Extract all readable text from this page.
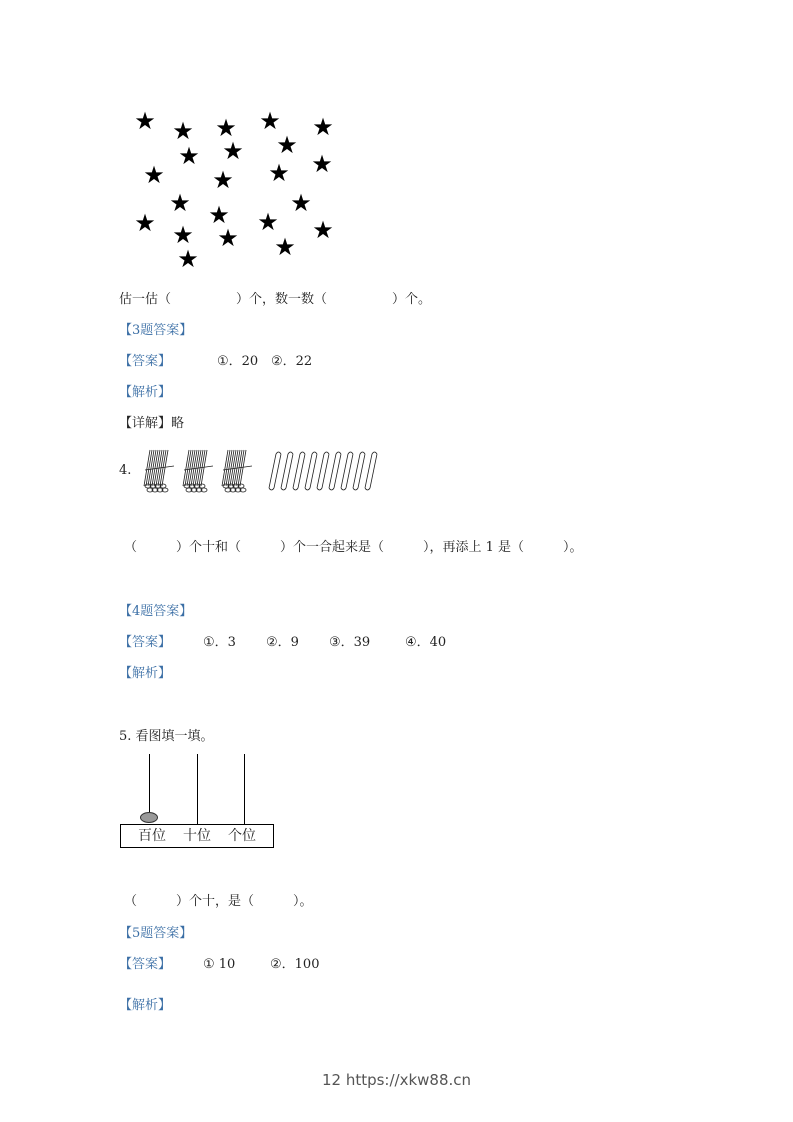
★ ★ ★ ★ ★
★
★ ★
★ ★ ★ ★
★ ★	★
★ ★ ★
★ ★
★
★
估一估（　　　　　）个，数一数（　　　　　）个。
【3题答案】
【答案】	①．20 ②．22
【解析】
【详解】略
4.
（　　　）个十和（　　　）个一合起来是（　　　），再添上 1 是（　　　）。
【4题答案】
【答案】 ①．3 ②．9 ③．39	④．40
【解析】
5. 看图填一填。
百位 十位 个位
（　　　）个十，是（　　　）。
【5题答案】
【答案】 ① 10	②．100
【解析】
12 https://xkw88.cn
